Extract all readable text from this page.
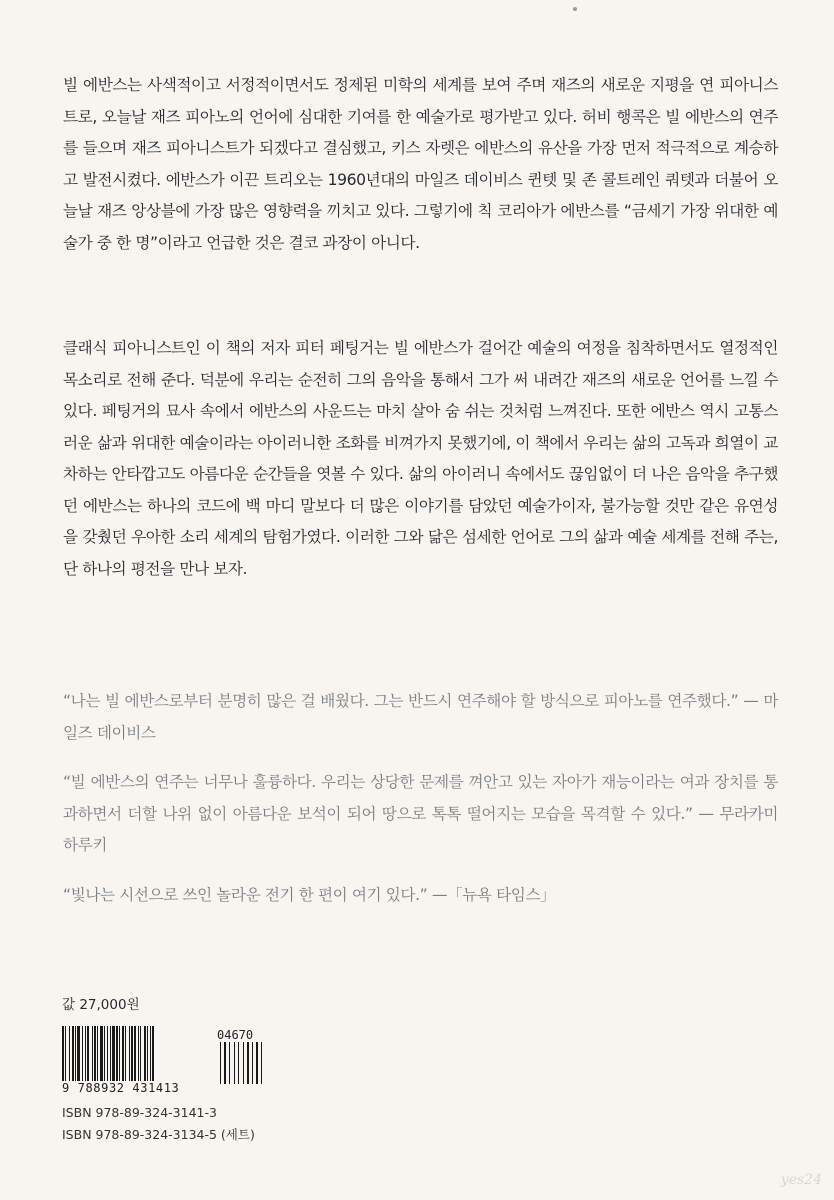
빌 에반스는 사색적이고 서정적이면서도 정제된 미학의 세계를 보여 주며 재즈의 새로운 지평을 연 피아니스트로, 오늘날 재즈 피아노의 언어에 심대한 기여를 한 예술가로 평가받고 있다. 허비 행콕은 빌 에반스의 연주를 들으며 재즈 피아니스트가 되겠다고 결심했고, 키스 자렛은 에반스의 유산을 가장 먼저 적극적으로 계승하고 발전시켰다. 에반스가 이끈 트리오는 1960년대의 마일즈 데이비스 퀸텟 및 존 콜트레인 쿼텟과 더불어 오늘날 재즈 앙상블에 가장 많은 영향력을 끼치고 있다. 그렇기에 칙 코리아가 에반스를 “금세기 가장 위대한 예술가 중 한 명”이라고 언급한 것은 결코 과장이 아니다.

클래식 피아니스트인 이 책의 저자 피터 페팅거는 빌 에반스가 걸어간 예술의 여정을 침착하면서도 열정적인 목소리로 전해 준다. 덕분에 우리는 순전히 그의 음악을 통해서 그가 써 내려간 재즈의 새로운 언어를 느낄 수 있다. 페팅거의 묘사 속에서 에반스의 사운드는 마치 살아 숨 쉬는 것처럼 느껴진다. 또한 에반스 역시 고통스러운 삶과 위대한 예술이라는 아이러니한 조화를 비껴가지 못했기에, 이 책에서 우리는 삶의 고독과 희열이 교차하는 안타깝고도 아름다운 순간들을 엿볼 수 있다. 삶의 아이러니 속에서도 끊임없이 더 나은 음악을 추구했던 에반스는 하나의 코드에 백 마디 말보다 더 많은 이야기를 담았던 예술가이자, 불가능할 것만 같은 유연성을 갖췄던 우아한 소리 세계의 탐험가였다. 이러한 그와 닮은 섬세한 언어로 그의 삶과 예술 세계를 전해 주는, 단 하나의 평전을 만나 보자.

“나는 빌 에반스로부터 분명히 많은 걸 배웠다. 그는 반드시 연주해야 할 방식으로 피아노를 연주했다.” — 마일즈 데이비스

“빌 에반스의 연주는 너무나 훌륭하다. 우리는 상당한 문제를 껴안고 있는 자아가 재능이라는 여과 장치를 통과하면서 더할 나위 없이 아름다운 보석이 되어 땅으로 톡톡 떨어지는 모습을 목격할 수 있다.” — 무라카미 하루키

“빛나는 시선으로 쓰인 놀라운 전기 한 편이 여기 있다.” —「뉴욕 타임스」

값 27,000원
04670
9 788932 431413
ISBN 978-89-324-3141-3
ISBN 978-89-324-3134-5 (세트)
yes24
